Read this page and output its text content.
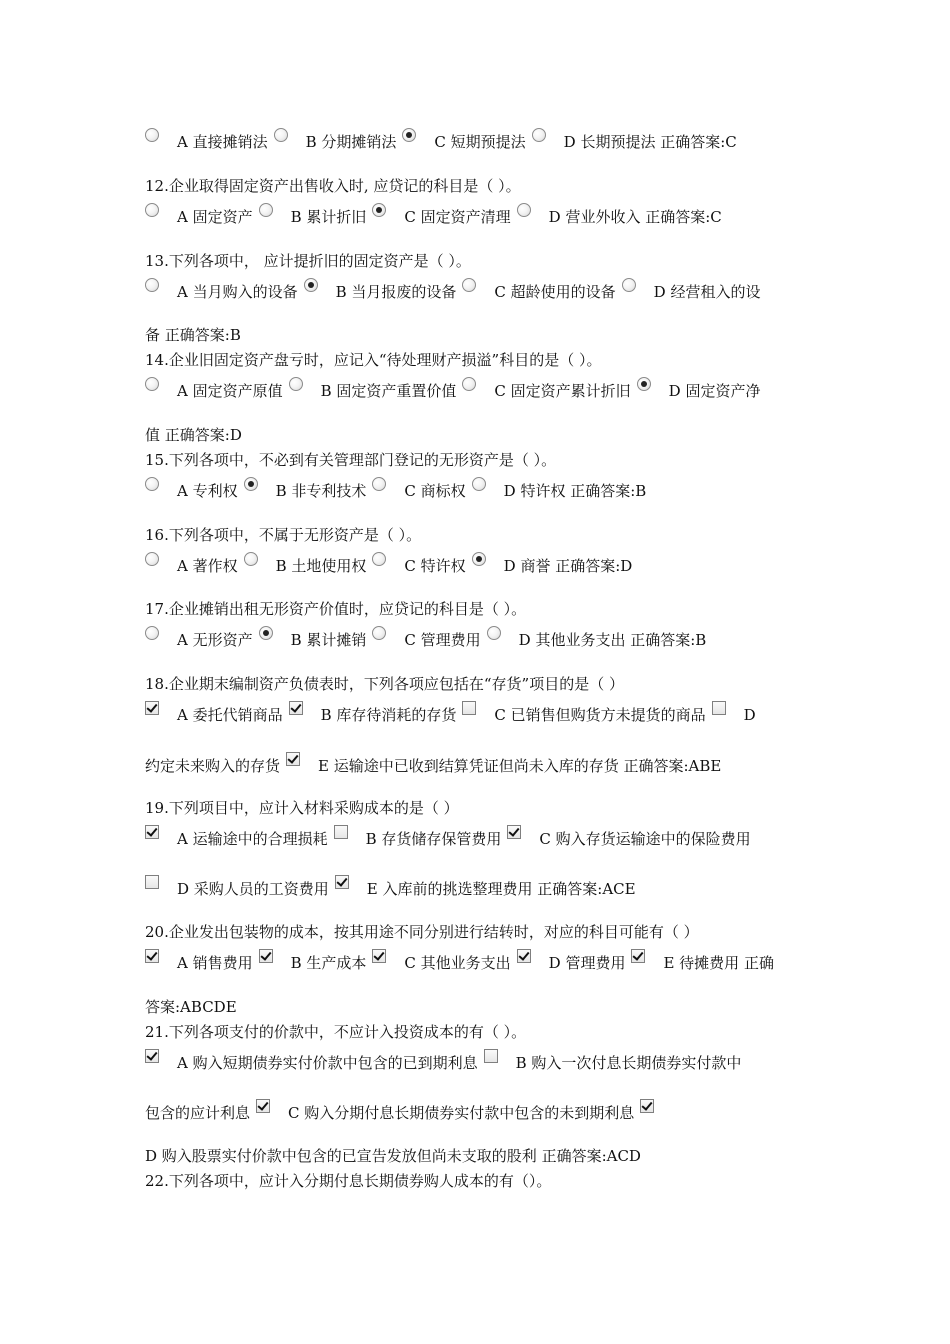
A 直接摊销法	B 分期摊销法	C 短期预提法	D 长期预提法 正确答案:C
12.企业取得固定资产出售收入时, 应贷记的科目是（ ）。
A 固定资产	B 累计折旧	C 固定资产清理	D 营业外收入 正确答案:C
13.下列各项中， 应计提折旧的固定资产是（ ）。
A 当月购入的设备	B 当月报废的设备	C 超龄使用的设备	D 经营租入的设
备 正确答案:B
14.企业旧固定资产盘亏时，应记入“待处理财产损溢”科目的是（ ）。
A 固定资产原值	B 固定资产重置价值	C 固定资产累计折旧	D 固定资产净
值 正确答案:D
15.下列各项中，不必到有关管理部门登记的无形资产是（ ）。
A 专利权	B 非专利技术	C 商标权	D 特许权 正确答案:B
16.下列各项中，不属于无形资产是（ ）。
A 著作权	B 土地使用权	C 特许权	D 商誉 正确答案:D
17.企业摊销出租无形资产价值时，应贷记的科目是（ ）。
A 无形资产	B 累计摊销	C 管理费用	D 其他业务支出 正确答案:B
18.企业期末编制资产负债表时，下列各项应包括在“存货”项目的是（ ）
A 委托代销商品	B 库存待消耗的存货	C 已销售但购货方未提货的商品	D
约定未来购入的存货	E 运输途中已收到结算凭证但尚未入库的存货 正确答案:ABE
19.下列项目中，应计入材料采购成本的是（ ）
A 运输途中的合理损耗	B 存货储存保管费用	C 购入存货运输途中的保险费用
D 采购人员的工资费用	E 入库前的挑选整理费用 正确答案:ACE
20.企业发出包装物的成本，按其用途不同分别进行结转时，对应的科目可能有（ ）
A 销售费用	B 生产成本	C 其他业务支出	D 管理费用	E 待摊费用 正确
答案:ABCDE
21.下列各项支付的价款中，不应计入投资成本的有（ ）。
A 购入短期债券实付价款中包含的已到期利息	B 购入一次付息长期债券实付款中
包含的应计利息	C 购入分期付息长期债券实付款中包含的未到期利息
D 购入股票实付价款中包含的已宣告发放但尚未支取的股利 正确答案:ACD
22.下列各项中，应计入分期付息长期债券购人成本的有（）。
